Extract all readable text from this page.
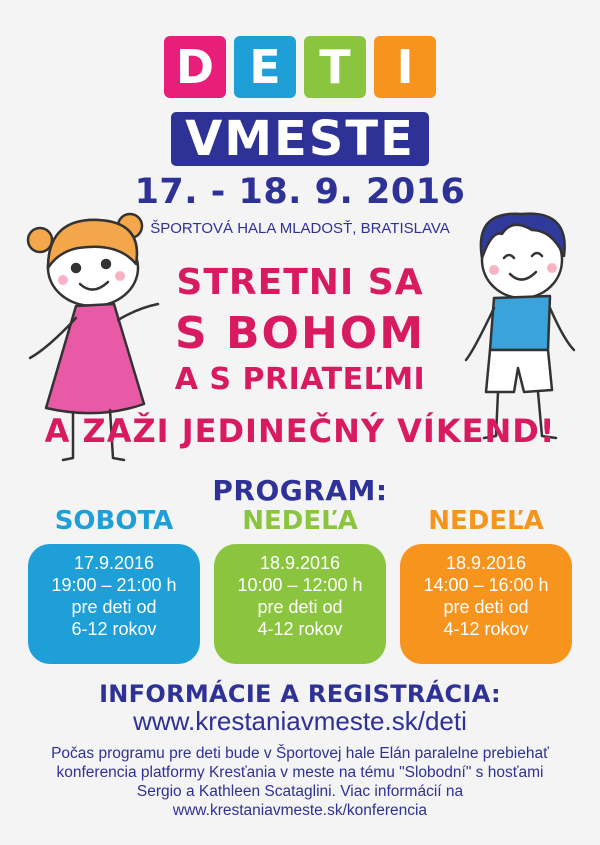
D E T I
VMESTE
17. - 18. 9. 2016
ŠPORTOVÁ HALA MLADOSŤ, BRATISLAVA
STRETNI SA
S BOHOM
A S PRIATEĽMI
A ZAŽI JEDINEČNÝ VÍKEND!
PROGRAM:
SOBOTA	NEDEĽA	NEDEĽA
17.9.2016
19:00 – 21:00 h
pre deti od
6-12 rokov
18.9.2016
10:00 – 12:00 h
pre deti od
4-12 rokov
18.9.2016
14:00 – 16:00 h
pre deti od
4-12 rokov
INFORMÁCIE A REGISTRÁCIA:
www.krestaniavmeste.sk/deti
Počas programu pre deti bude v Športovej hale Elán paralelne prebiehať
konferencia platformy Kresťania v meste na tému "Slobodní" s hosťami
Sergio a Kathleen Scataglini. Viac informácií na
www.krestaniavmeste.sk/konferencia
